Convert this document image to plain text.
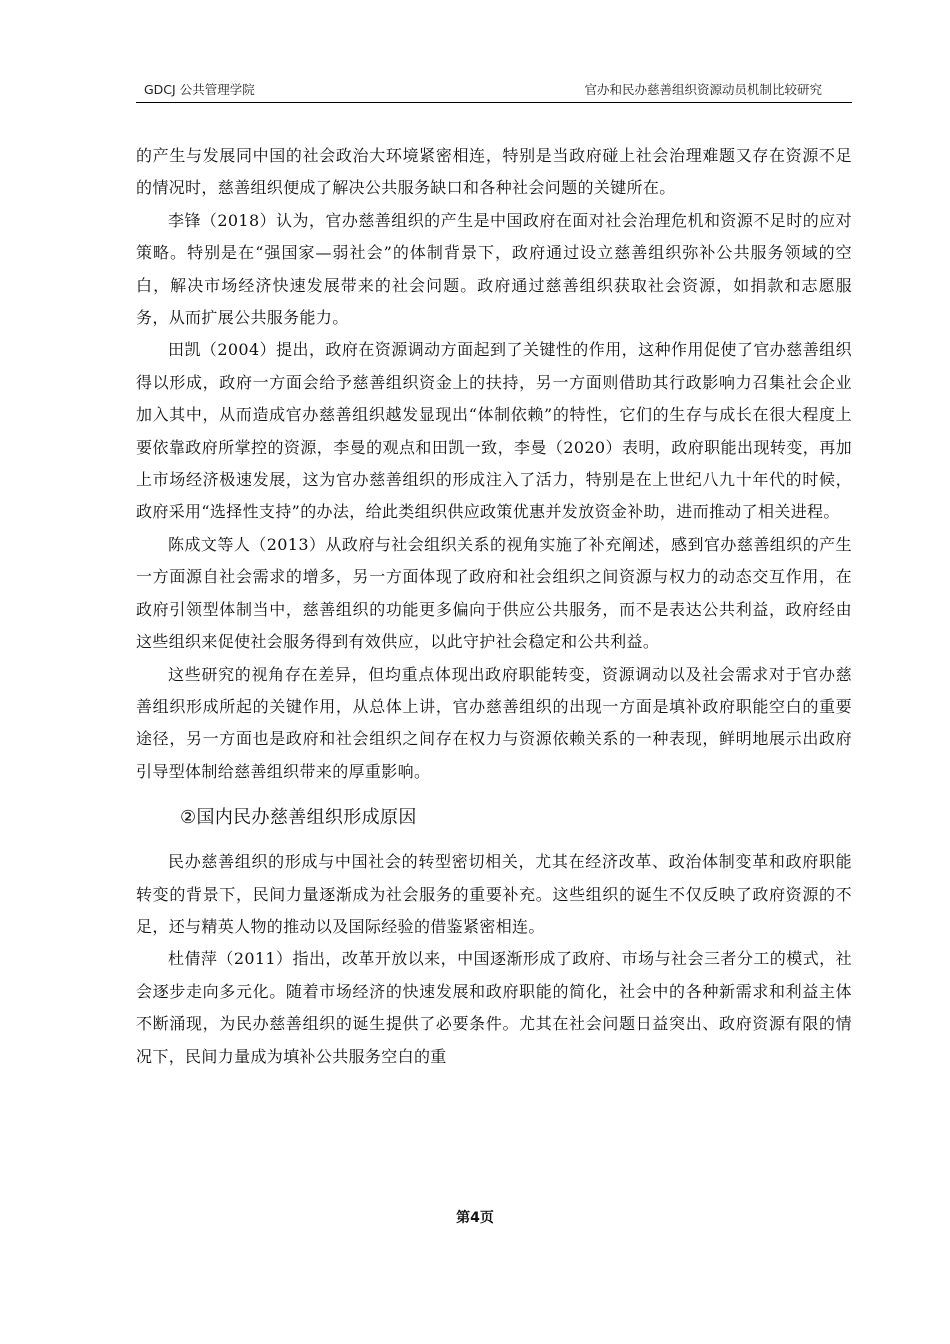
GDCJ 公共管理学院	官办和民办慈善组织资源动员机制比较研究

的产生与发展同中国的社会政治大环境紧密相连，特别是当政府碰上社会治理难题又存在资源不足的情况时，慈善组织便成了解决公共服务缺口和各种社会问题的关键所在。

李锋（2018）认为，官办慈善组织的产生是中国政府在面对社会治理危机和资源不足时的应对策略。特别是在“强国家—弱社会”的体制背景下，政府通过设立慈善组织弥补公共服务领域的空白，解决市场经济快速发展带来的社会问题。政府通过慈善组织获取社会资源，如捐款和志愿服务，从而扩展公共服务能力。

田凯（2004）提出，政府在资源调动方面起到了关键性的作用，这种作用促使了官办慈善组织得以形成，政府一方面会给予慈善组织资金上的扶持，另一方面则借助其行政影响力召集社会企业加入其中，从而造成官办慈善组织越发显现出“体制依赖”的特性，它们的生存与成长在很大程度上要依靠政府所掌控的资源，李曼的观点和田凯一致，李曼（2020）表明，政府职能出现转变，再加上市场经济极速发展，这为官办慈善组织的形成注入了活力，特别是在上世纪八九十年代的时候，政府采用“选择性支持”的办法，给此类组织供应政策优惠并发放资金补助，进而推动了相关进程。

陈成文等人（2013）从政府与社会组织关系的视角实施了补充阐述，感到官办慈善组织的产生一方面源自社会需求的增多，另一方面体现了政府和社会组织之间资源与权力的动态交互作用，在政府引领型体制当中，慈善组织的功能更多偏向于供应公共服务，而不是表达公共利益，政府经由这些组织来促使社会服务得到有效供应，以此守护社会稳定和公共利益。

这些研究的视角存在差异，但均重点体现出政府职能转变，资源调动以及社会需求对于官办慈善组织形成所起的关键作用，从总体上讲，官办慈善组织的出现一方面是填补政府职能空白的重要途径，另一方面也是政府和社会组织之间存在权力与资源依赖关系的一种表现，鲜明地展示出政府引导型体制给慈善组织带来的厚重影响。

②国内民办慈善组织形成原因

民办慈善组织的形成与中国社会的转型密切相关，尤其在经济改革、政治体制变革和政府职能转变的背景下，民间力量逐渐成为社会服务的重要补充。这些组织的诞生不仅反映了政府资源的不足，还与精英人物的推动以及国际经验的借鉴紧密相连。

杜倩萍（2011）指出，改革开放以来，中国逐渐形成了政府、市场与社会三者分工的模式，社会逐步走向多元化。随着市场经济的快速发展和政府职能的简化，社会中的各种新需求和利益主体不断涌现，为民办慈善组织的诞生提供了必要条件。尤其在社会问题日益突出、政府资源有限的情况下，民间力量成为填补公共服务空白的重

第4页
